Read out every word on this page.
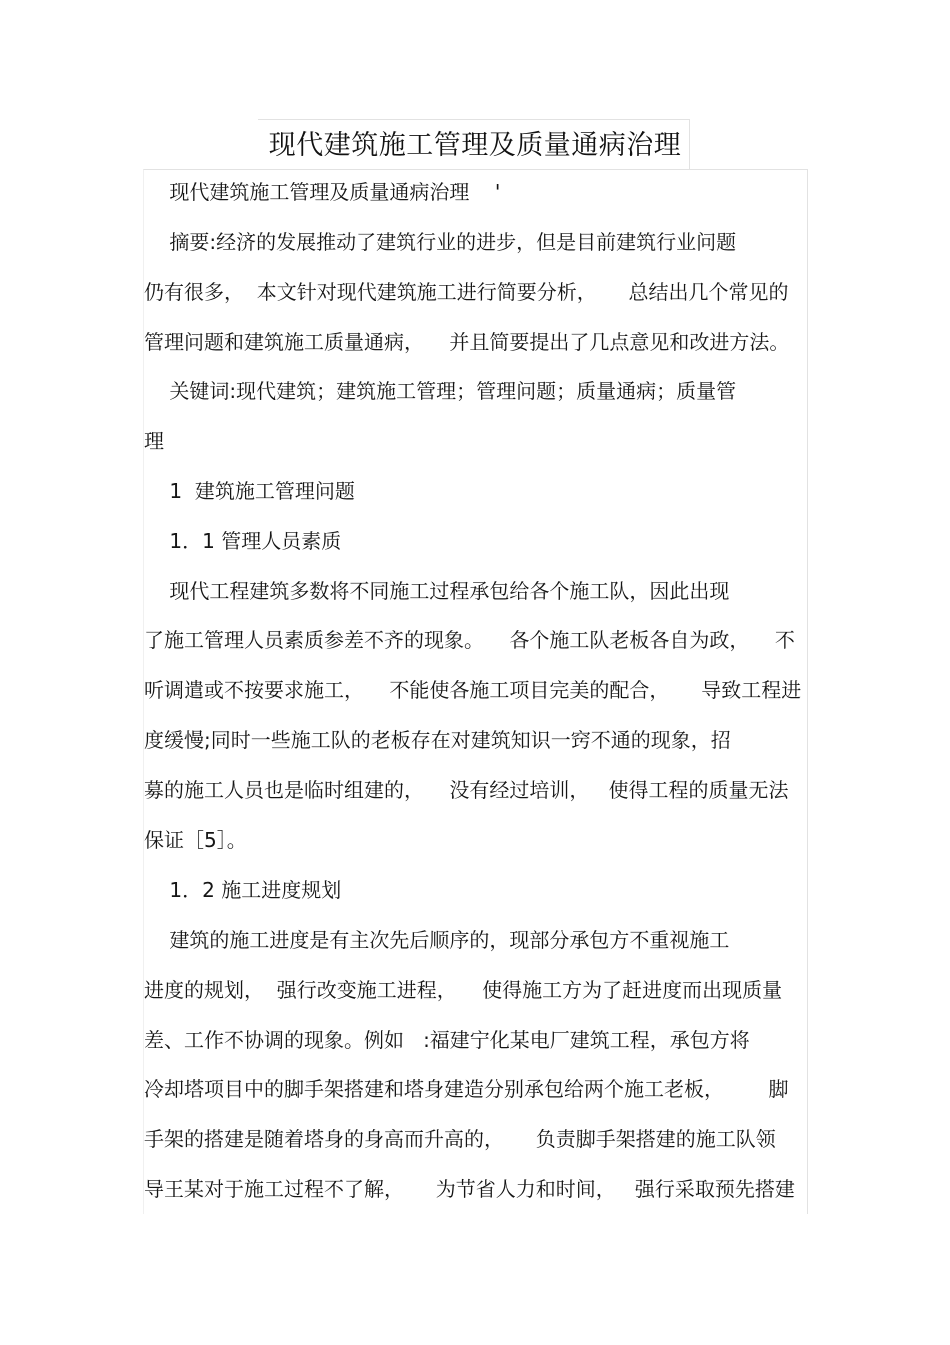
现代建筑施工管理及质量通病治理
现代建筑施工管理及质量通病治理    '
摘要:经济的发展推动了建筑行业的进步，但是目前建筑行业问题
仍有很多，  本文针对现代建筑施工进行简要分析，     总结出几个常见的
管理问题和建筑施工质量通病，    并且简要提出了几点意见和改进方法。
关键词:现代建筑；建筑施工管理；管理问题；质量通病；质量管
理
1  建筑施工管理问题
1．1 管理人员素质
现代工程建筑多数将不同施工过程承包给各个施工队，因此出现
了施工管理人员素质参差不齐的现象。    各个施工队老板各自为政，    不
听调遣或不按要求施工，    不能使各施工项目完美的配合，     导致工程进
度缓慢;同时一些施工队的老板存在对建筑知识一窍不通的现象，招
募的施工人员也是临时组建的，    没有经过培训，   使得工程的质量无法
保证［5］。
1．2 施工进度规划
建筑的施工进度是有主次先后顺序的，现部分承包方不重视施工
进度的规划，  强行改变施工进程，    使得施工方为了赶进度而出现质量
差、工作不协调的现象。例如   :福建宁化某电厂建筑工程，承包方将
冷却塔项目中的脚手架搭建和塔身建造分别承包给两个施工老板，       脚
手架的搭建是随着塔身的身高而升高的，     负责脚手架搭建的施工队领
导王某对于施工过程不了解，     为节省人力和时间，   强行采取预先搭建
